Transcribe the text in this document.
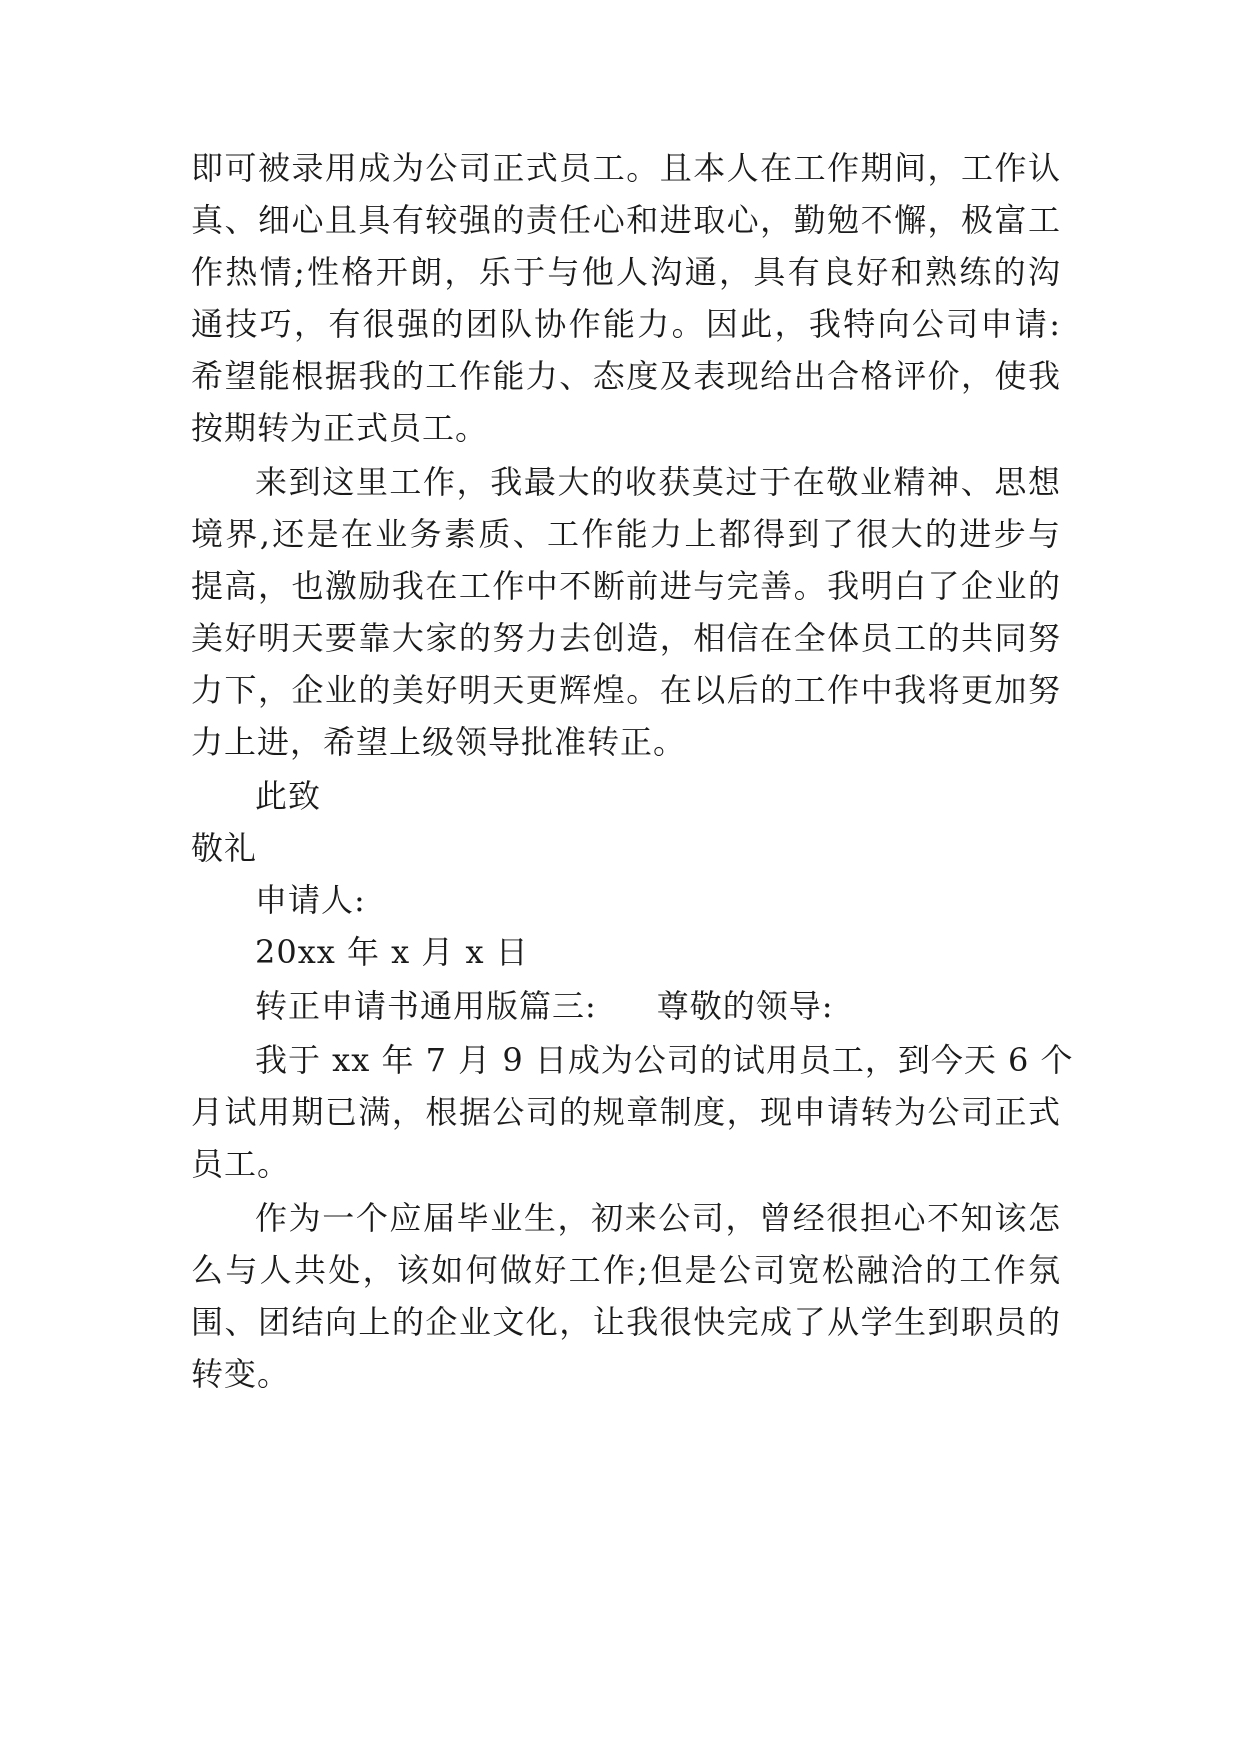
即可被录用成为公司正式员工。且本人在工作期间，工作认
真、细心且具有较强的责任心和进取心，勤勉不懈，极富工
作热情;性格开朗，乐于与他人沟通，具有良好和熟练的沟
通技巧，有很强的团队协作能力。因此，我特向公司申请:
希望能根据我的工作能力、态度及表现给出合格评价，使我
按期转为正式员工。
来到这里工作，我最大的收获莫过于在敬业精神、思想
境界,还是在业务素质、工作能力上都得到了很大的进步与
提高，也激励我在工作中不断前进与完善。我明白了企业的
美好明天要靠大家的努力去创造，相信在全体员工的共同努
力下，企业的美好明天更辉煌。在以后的工作中我将更加努
力上进，希望上级领导批准转正。
此致
敬礼
申请人:
20xx 年 x 月 x 日
转正申请书通用版篇三: 尊敬的领导:
我于 xx 年 7 月 9 日成为公司的试用员工，到今天 6 个
月试用期已满，根据公司的规章制度，现申请转为公司正式
员工。
作为一个应届毕业生，初来公司，曾经很担心不知该怎
么与人共处，该如何做好工作;但是公司宽松融洽的工作氛
围、团结向上的企业文化，让我很快完成了从学生到职员的
转变。
